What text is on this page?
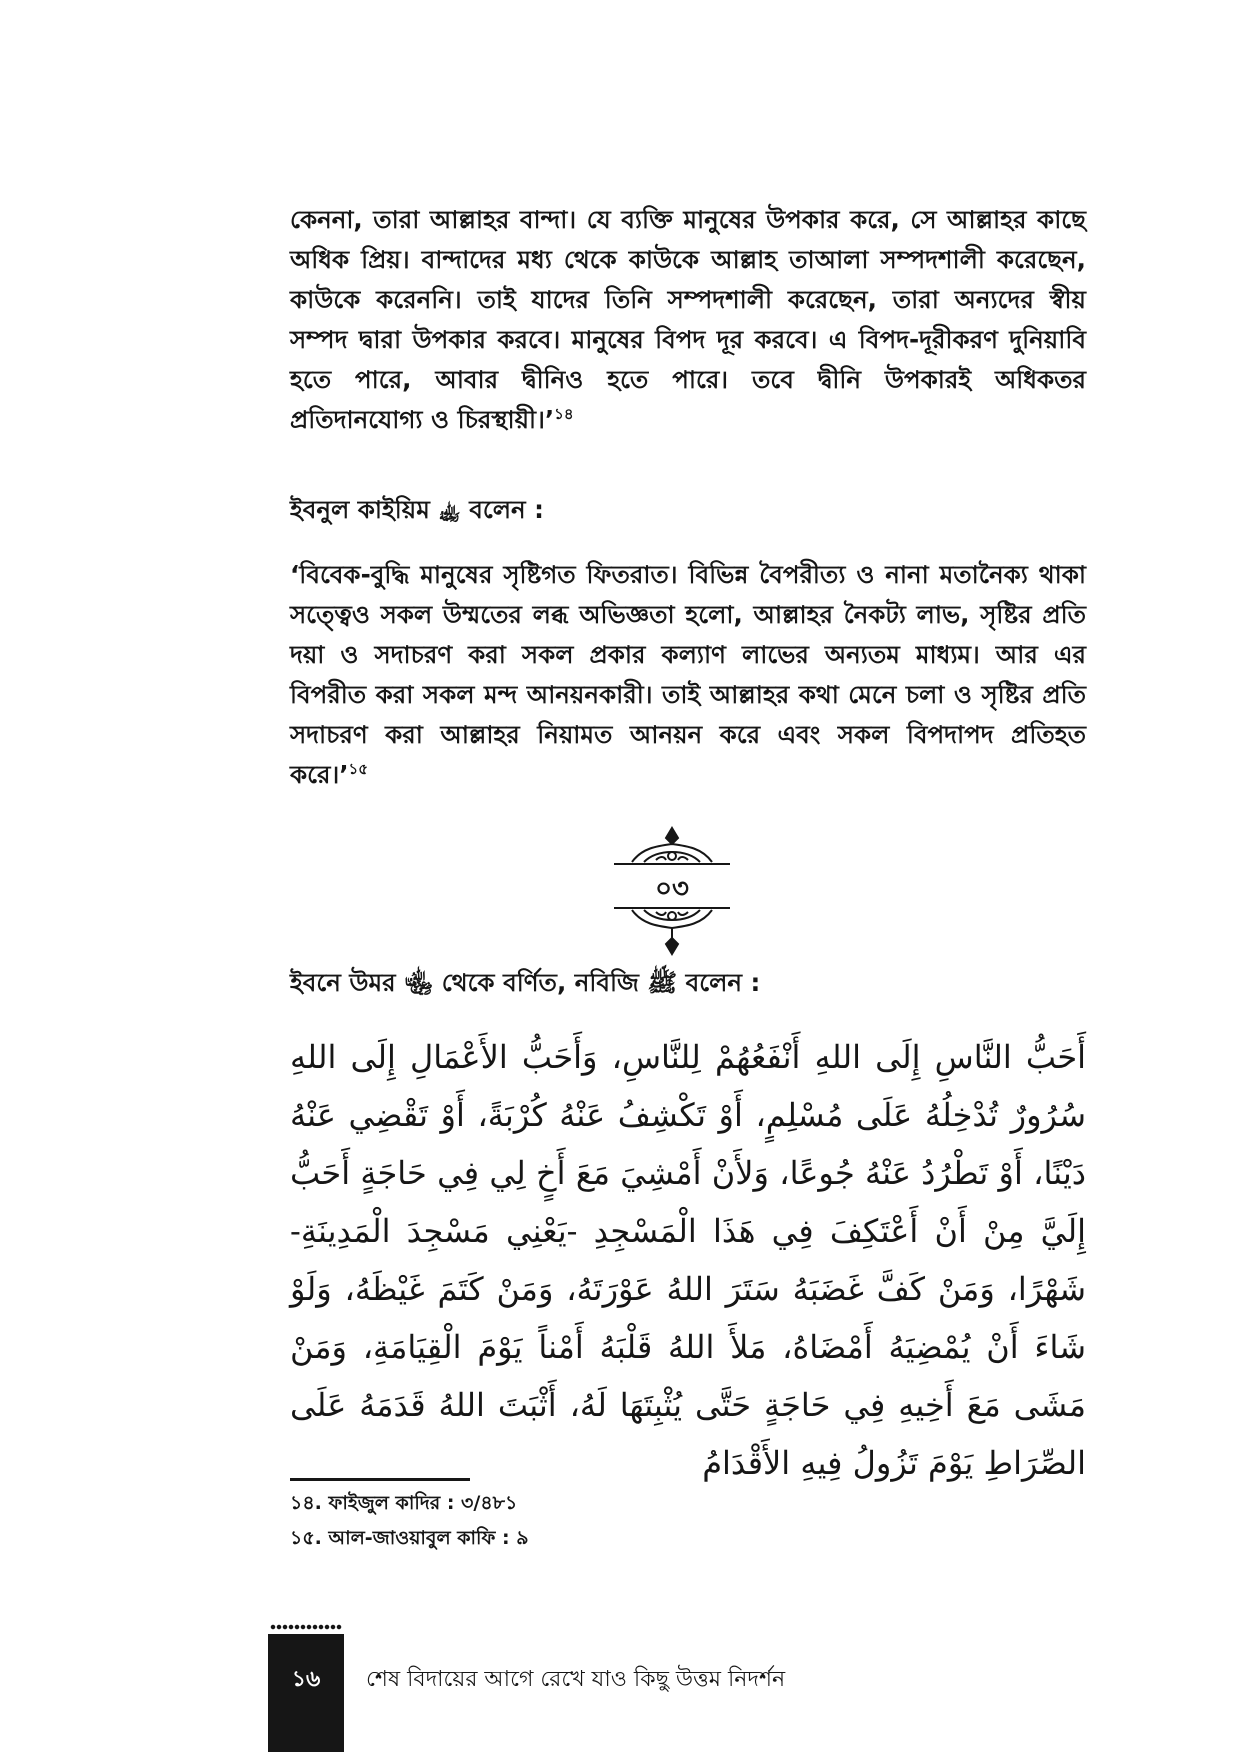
কেননা, তারা আল্লাহর বান্দা। যে ব্যক্তি মানুষের উপকার করে, সে আল্লাহর কাছে অধিক প্রিয়। বান্দাদের মধ্য থেকে কাউকে আল্লাহ তাআলা সম্পদশালী করেছেন, কাউকে করেননি। তাই যাদের তিনি সম্পদশালী করেছেন, তারা অন্যদের স্বীয় সম্পদ দ্বারা উপকার করবে। মানুষের বিপদ দূর করবে। এ বিপদ-দূরীকরণ দুনিয়াবি হতে পারে, আবার দ্বীনিও হতে পারে। তবে দ্বীনি উপকারই অধিকতর প্রতিদানযোগ্য ও চিরস্থায়ী।’$^{১৪}$

ইবনুল কাইয়িম ﵀ বলেন :

‘বিবেক-বুদ্ধি মানুষের সৃষ্টিগত ফিতরাত। বিভিন্ন বৈপরীত্য ও নানা মতানৈক্য থাকা সত্ত্বেও সকল উম্মতের লব্ধ অভিজ্ঞতা হলো, আল্লাহর নৈকট্য লাভ, সৃষ্টির প্রতি দয়া ও সদাচরণ করা সকল প্রকার কল্যাণ লাভের অন্যতম মাধ্যম। আর এর বিপরীত করা সকল মন্দ আনয়নকারী। তাই আল্লাহর কথা মেনে চলা ও সৃষ্টির প্রতি সদাচরণ করা আল্লাহর নিয়ামত আনয়ন করে এবং সকল বিপদাপদ প্রতিহত করে।’$^{১৫}$

০৩
ইবনে উমর ﵄ থেকে বর্ণিত, নবিজি ﷺ বলেন :

أَحَبُّ النَّاسِ إِلَى اللهِ أَنْفَعُهُمْ لِلنَّاسِ، وَأَحَبُّ الأَعْمَالِ إِلَى اللهِ سُرُورٌ تُدْخِلُهُ عَلَى مُسْلِمٍ، أَوْ تَكْشِفُ عَنْهُ كُرْبَةً، أَوْ تَقْضِي عَنْهُ دَيْنًا، أَوْ تَطْرُدُ عَنْهُ جُوعًا، وَلأَنْ أَمْشِيَ مَعَ أَخٍ لِي فِي حَاجَةٍ أَحَبُّ إِلَيَّ مِنْ أَنْ أَعْتَكِفَ فِي هَذَا الْمَسْجِدِ -يَعْنِي مَسْجِدَ الْمَدِينَةِ- شَهْرًا، وَمَنْ كَفَّ غَضَبَهُ سَتَرَ اللهُ عَوْرَتَهُ، وَمَنْ كَتَمَ غَيْظَهُ، وَلَوْ شَاءَ أَنْ يُمْضِيَهُ أَمْضَاهُ، مَلأَ اللهُ قَلْبَهُ أَمْناً يَوْمَ الْقِيَامَةِ، وَمَنْ مَشَى مَعَ أَخِيهِ فِي حَاجَةٍ حَتَّى يُثْبِتَهَا لَهُ، أَثْبَتَ اللهُ قَدَمَهُ عَلَى الصِّرَاطِ يَوْمَ تَزُولُ فِيهِ الأَقْدَامُ

১৪. ফাইজুল কাদির : ৩/৪৮১
১৫. আল-জাওয়াবুল কাফি : ৯
১৬	শেষ বিদায়ের আগে রেখে যাও কিছু উত্তম নিদর্শন
